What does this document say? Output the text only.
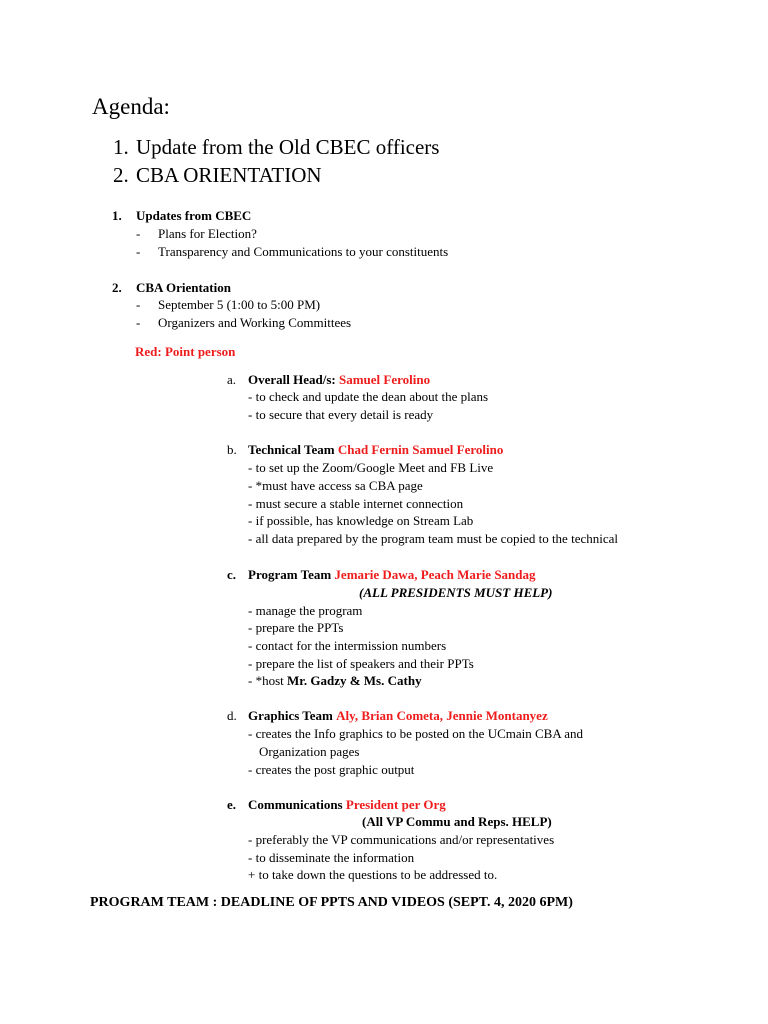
Agenda:
1. Update from the Old CBEC officers
2. CBA ORIENTATION
1. Updates from CBEC
- Plans for Election?
- Transparency and Communications to your constituents
2. CBA Orientation
- September 5 (1:00 to 5:00 PM)
- Organizers and Working Committees
Red: Point person
a. Overall Head/s: Samuel Ferolino
- to check and update the dean about the plans
- to secure that every detail is ready
b. Technical Team Chad Fernin Samuel Ferolino
- to set up the Zoom/Google Meet and FB Live
- *must have access sa CBA page
- must secure a stable internet connection
- if possible, has knowledge on Stream Lab
- all data prepared by the program team must be copied to the technical
c. Program Team Jemarie Dawa, Peach Marie Sandag
(ALL PRESIDENTS MUST HELP)
- manage the program
- prepare the PPTs
- contact for the intermission numbers
- prepare the list of speakers and their PPTs
- *host Mr. Gadzy & Ms. Cathy
d. Graphics Team Aly, Brian Cometa, Jennie Montanyez
- creates the Info graphics to be posted on the UCmain CBA and
Organization pages
- creates the post graphic output
e. Communications President per Org
(All VP Commu and Reps. HELP)
- preferably the VP communications and/or representatives
- to disseminate the information
+ to take down the questions to be addressed to.
PROGRAM TEAM : DEADLINE OF PPTS AND VIDEOS (SEPT. 4, 2020 6PM)
